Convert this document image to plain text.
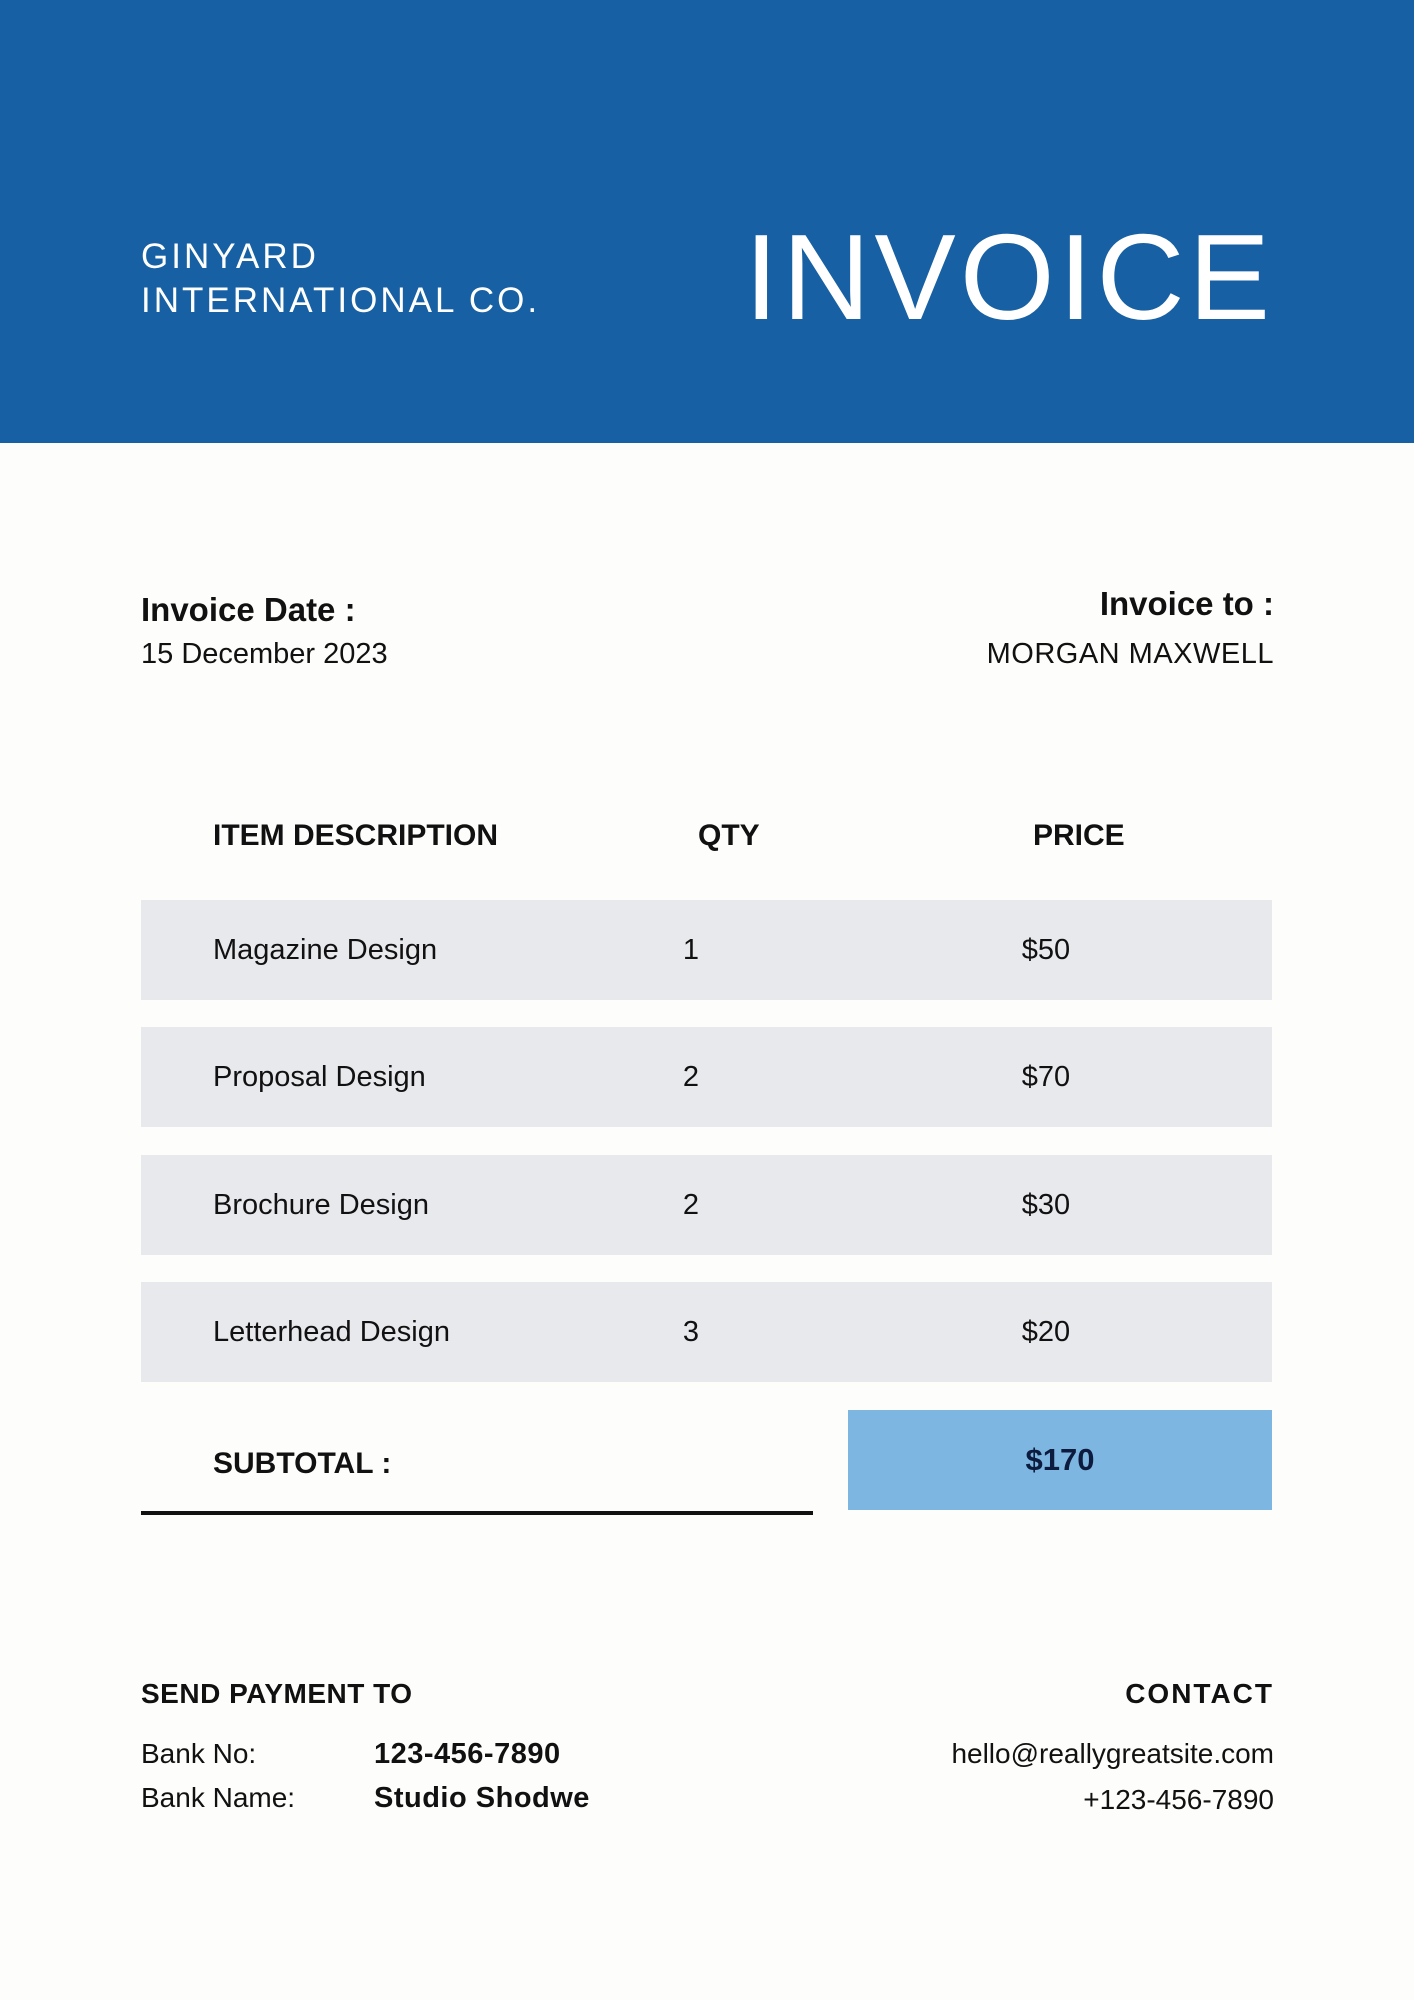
GINYARD
INTERNATIONAL CO. INVOICE
Invoice Date :
15 December 2023
Invoice to :
MORGAN MAXWELL
ITEM DESCRIPTION	QTY	PRICE
Magazine Design	1	$50
Proposal Design	2	$70
Brochure Design	2	$30
Letterhead Design	3	$20
SUBTOTAL :	$170
SEND PAYMENT TO
Bank No:	123-456-7890
Bank Name:	Studio Shodwe
CONTACT
hello@reallygreatsite.com
+123-456-7890
